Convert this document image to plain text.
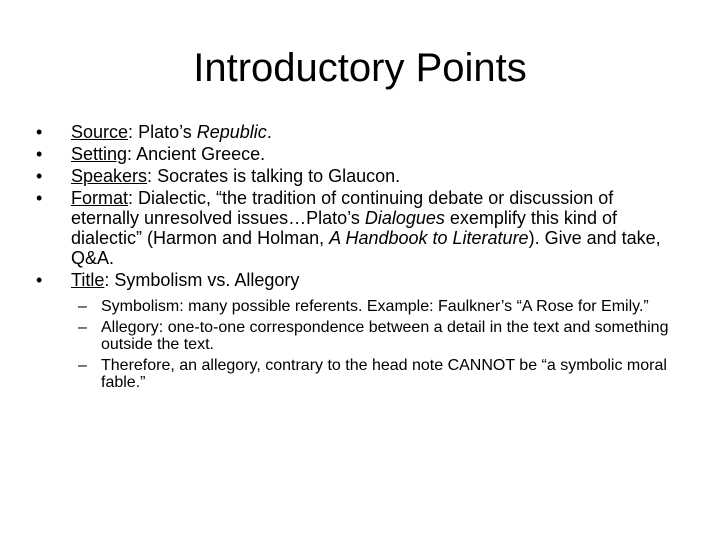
Introductory Points
•	Source: Plato’s Republic.
•	Setting: Ancient Greece.
•	Speakers: Socrates is talking to Glaucon.
•	Format: Dialectic, “the tradition of continuing debate or discussion of eternally unresolved issues…Plato’s Dialogues exemplify this kind of dialectic” (Harmon and Holman, A Handbook to Literature). Give and take, Q&A.
•	Title: Symbolism vs. Allegory
– Symbolism: many possible referents. Example: Faulkner’s “A Rose for Emily.”
– Allegory: one-to-one correspondence between a detail in the text and something outside the text.
– Therefore, an allegory, contrary to the head note CANNOT be “a symbolic moral fable.”
